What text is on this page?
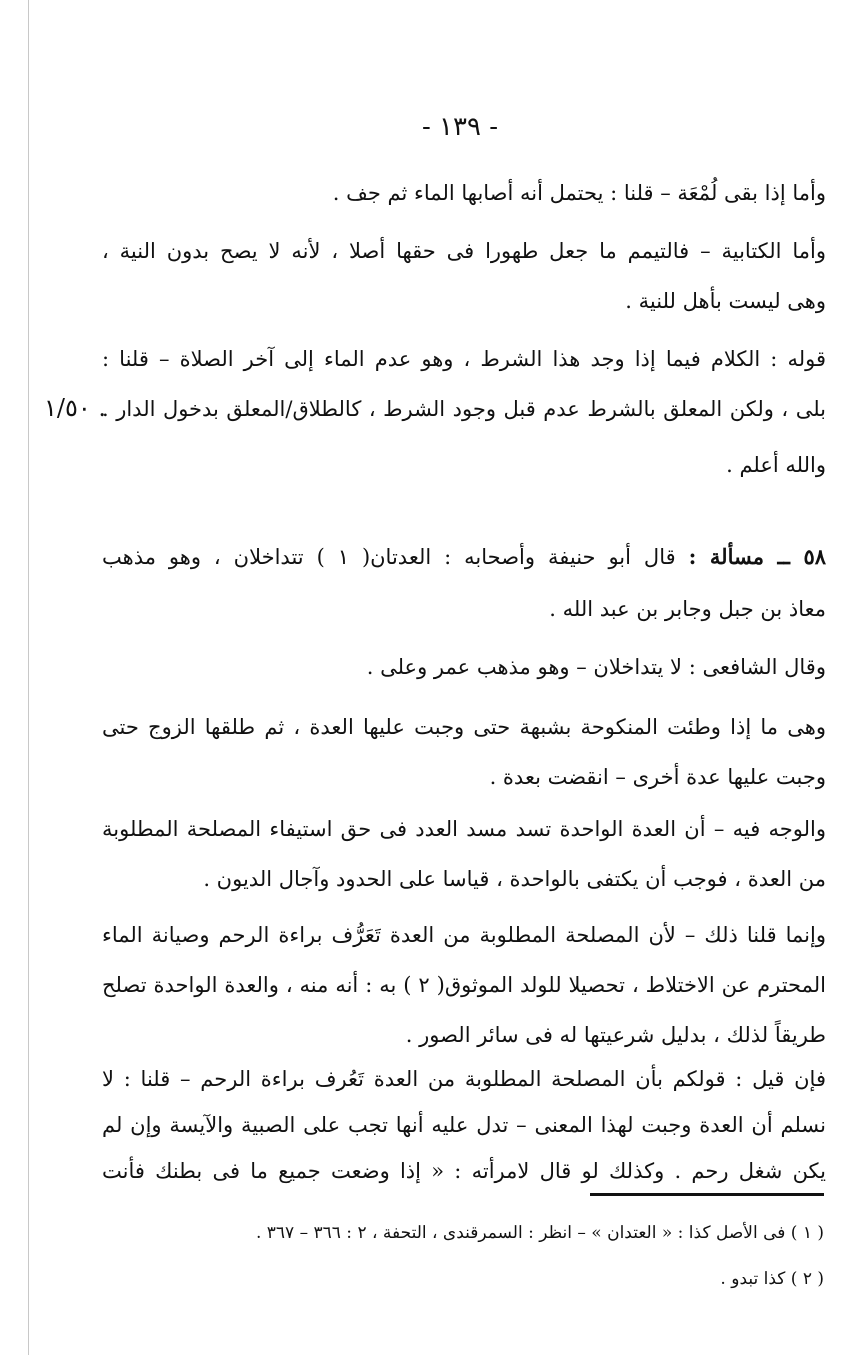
- ١٣٩ -
وأما إذا بقى لُمْعَة – قلنا : يحتمل أنه أصابها الماء ثم جف .
وأما الكتابية – فالتيمم ما جعل طهورا فى حقها أصلا ، لأنه لا يصح بدون النية ،
وهى ليست بأهل للنية .
قوله : الكلام فيما إذا وجد هذا الشرط ، وهو عدم الماء إلى آخر الصلاة – قلنا :
بلى ، ولكن المعلق بالشرط عدم قبل وجود الشرط ، كالطلاق/المعلق بدخول الدار .
١/٥٠ .
والله أعلم .
٥٨ ــ مسألة : قال أبو حنيفة وأصحابه : العدتان( ١ ) تتداخلان ، وهو مذهب
معاذ بن جبل وجابر بن عبد الله .
وقال الشافعى : لا يتداخلان – وهو مذهب عمر وعلى .
وهى ما إذا وطئت المنكوحة بشبهة حتى وجبت عليها العدة ، ثم طلقها الزوج حتى
وجبت عليها عدة أخرى – انقضت بعدة .
والوجه فيه – أن العدة الواحدة تسد مسد العدد فى حق استيفاء المصلحة المطلوبة
من العدة ، فوجب أن يكتفى بالواحدة ، قياسا على الحدود وآجال الديون .
وإنما قلنا ذلك – لأن المصلحة المطلوبة من العدة تَعَرُّف براءة الرحم وصيانة الماء
المحترم عن الاختلاط ، تحصيلا للولد الموثوق( ٢ ) به : أنه منه ، والعدة الواحدة تصلح
طريقاً لذلك ، بدليل شرعيتها له فى سائر الصور .
فإن قيل : قولكم بأن المصلحة المطلوبة من العدة تَعُرف براءة الرحم – قلنا : لا
نسلم أن العدة وجبت لهذا المعنى – تدل عليه أنها تجب على الصبية والآيسة وإن لم
يكن شغل رحم . وكذلك لو قال لامرأته : « إذا وضعت جميع ما فى بطنك فأنت
( ١ ) فى الأصل كذا : « العتدان » – انظر : السمرقندى ، التحفة ، ٢ : ٣٦٦ – ٣٦٧ .
( ٢ ) كذا تبدو .
